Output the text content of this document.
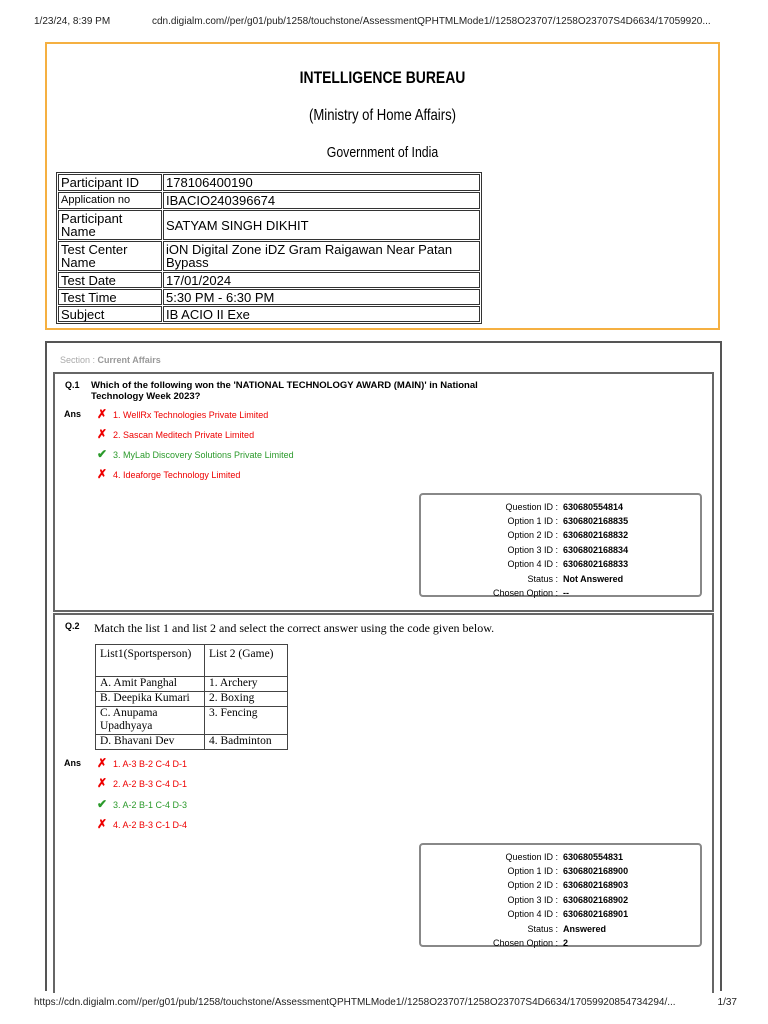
1/23/24, 8:39 PM	cdn.digialm.com//per/g01/pub/1258/touchstone/AssessmentQPHTMLMode1//1258O23707/1258O23707S4D6634/17059920...
INTELLIGENCE BUREAU
(Ministry of Home Affairs)
Government of India
Participant ID	178106400190
Application no	IBACIO240396674
Participant Name	SATYAM SINGH DIKHIT
Test Center Name	iON Digital Zone iDZ Gram Raigawan Near Patan Bypass
Test Date	17/01/2024
Test Time	5:30 PM - 6:30 PM
Subject	IB ACIO II Exe
Section : Current Affairs
Q.1 Which of the following won the 'NATIONAL TECHNOLOGY AWARD (MAIN)' in National Technology Week 2023?
Ans ✗ 1. WellRx Technologies Private Limited
✗ 2. Sascan Meditech Private Limited
✔ 3. MyLab Discovery Solutions Private Limited
✗ 4. Ideaforge Technology Limited
Question ID : 630680554814
Option 1 ID : 6306802168835
Option 2 ID : 6306802168832
Option 3 ID : 6306802168834
Option 4 ID : 6306802168833
Status : Not Answered
Chosen Option : --
Q.2 Match the list 1 and list 2 and select the correct answer using the code given below.
List1(Sportsperson)	List 2 (Game)
A. Amit Panghal	1. Archery
B. Deepika Kumari	2. Boxing
C. Anupama Upadhyaya	3. Fencing
D. Bhavani Dev	4. Badminton
Ans ✗ 1. A-3 B-2 C-4 D-1
✗ 2. A-2 B-3 C-4 D-1
✔ 3. A-2 B-1 C-4 D-3
✗ 4. A-2 B-3 C-1 D-4
Question ID : 630680554831
Option 1 ID : 6306802168900
Option 2 ID : 6306802168903
Option 3 ID : 6306802168902
Option 4 ID : 6306802168901
Status : Answered
Chosen Option : 2
https://cdn.digialm.com//per/g01/pub/1258/touchstone/AssessmentQPHTMLMode1//1258O23707/1258O23707S4D6634/17059920854734294/...	1/37
